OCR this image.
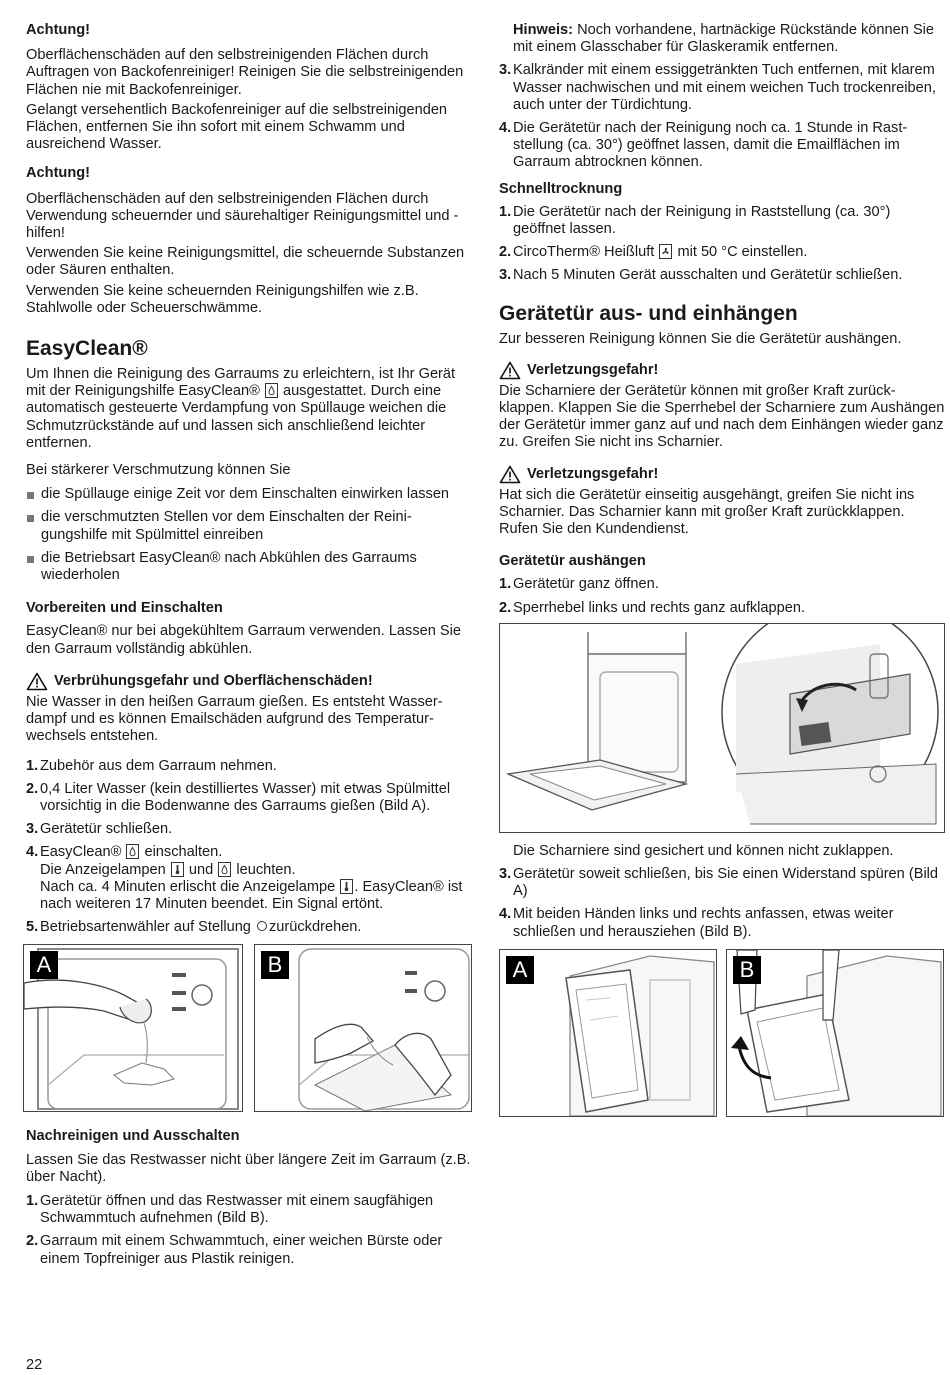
Achtung!

Oberflächenschäden auf den selbstreinigenden Flächen durch Auftragen von Backofenreiniger! Reinigen Sie die selbstreinigenden Flächen nie mit Backofenreiniger.

Gelangt versehentlich Backofenreiniger auf die selbstreinigenden Flächen, entfernen Sie ihn sofort mit einem Schwamm und ausreichend Wasser.

Achtung!

Oberflächenschäden auf den selbstreinigenden Flächen durch Verwendung scheuernder und säurehaltiger Reinigungsmittel und -hilfen!

Verwenden Sie keine Reinigungsmittel, die scheuernde Substanzen oder Säuren enthalten.

Verwenden Sie keine scheuernden Reinigungshilfen wie z.B. Stahlwolle oder Scheuerschwämme.

EasyClean®

Um Ihnen die Reinigung des Garraums zu erleichtern, ist Ihr Gerät mit der Reinigungshilfe EasyClean® ausgestattet. Durch eine automatisch gesteuerte Verdampfung von Spüllauge weichen die Schmutzrückstände auf und lassen sich anschließend leichter entfernen.

Bei stärkerer Verschmutzung können Sie

die Spüllauge einige Zeit vor dem Einschalten einwirken lassen
die verschmutzten Stellen vor dem Einschalten der Reinigungshilfe mit Spülmittel einreiben
die Betriebsart EasyClean® nach Abkühlen des Garraums wiederholen
Vorbereiten und Einschalten

EasyClean® nur bei abgekühltem Garraum verwenden. Lassen Sie den Garraum vollständig abkühlen.

Verbrühungsgefahr und Oberflächenschäden!

Nie Wasser in den heißen Garraum gießen. Es entsteht Wasserdampf und es können Emailschäden aufgrund des Temperaturwechsels entstehen.

1. Zubehör aus dem Garraum nehmen.
2. 0,4 Liter Wasser (kein destilliertes Wasser) mit etwas Spülmittel vorsichtig in die Bodenwanne des Garraums gießen (Bild A).
3. Gerätetür schließen.
4. EasyClean® einschalten.
Die Anzeigelampen und leuchten.
Nach ca. 4 Minuten erlischt die Anzeigelampe . EasyClean® ist nach weiteren 17 Minuten beendet. Ein Signal ertönt.
5. Betriebsartenwähler auf Stellung zurückdrehen.
A	B
Nachreinigen und Ausschalten

Lassen Sie das Restwasser nicht über längere Zeit im Garraum (z.B. über Nacht).

1. Gerätetür öffnen und das Restwasser mit einem saugfähigen Schwammtuch aufnehmen (Bild B).
2. Garraum mit einem Schwammtuch, einer weichen Bürste oder einem Topfreiniger aus Plastik reinigen.

Hinweis: Noch vorhandene, hartnäckige Rückstände können Sie mit einem Glasschaber für Glaskeramik entfernen.

3. Kalkränder mit einem essiggetränkten Tuch entfernen, mit klarem Wasser nachwischen und mit einem weichen Tuch trockenreiben, auch unter der Türdichtung.
4. Die Gerätetür nach der Reinigung noch ca. 1 Stunde in Raststellung (ca. 30°) geöffnet lassen, damit die Emailflächen im Garraum abtrocknen können.
Schnelltrocknung
1. Die Gerätetür nach der Reinigung in Raststellung (ca. 30°) geöffnet lassen.
2. CircoTherm® Heißluft mit 50 °C einstellen.
3. Nach 5 Minuten Gerät ausschalten und Gerätetür schließen.
Gerätetür aus- und einhängen

Zur besseren Reinigung können Sie die Gerätetür aushängen.

Verletzungsgefahr!

Die Scharniere der Gerätetür können mit großer Kraft zurückklappen. Klappen Sie die Sperrhebel der Scharniere zum Aushängen der Gerätetür immer ganz auf und nach dem Einhängen wieder ganz zu. Greifen Sie nicht ins Scharnier.

Verletzungsgefahr!

Hat sich die Gerätetür einseitig ausgehängt, greifen Sie nicht ins Scharnier. Das Scharnier kann mit großer Kraft zurückklappen. Rufen Sie den Kundendienst.

Gerätetür aushängen
1. Gerätetür ganz öffnen.
2. Sperrhebel links und rechts ganz aufklappen.

Die Scharniere sind gesichert und können nicht zuklappen.

3. Gerätetür soweit schließen, bis Sie einen Widerstand spüren (Bild A)
4. Mit beiden Händen links und rechts anfassen, etwas weiter schließen und herausziehen (Bild B).
A	B
22
